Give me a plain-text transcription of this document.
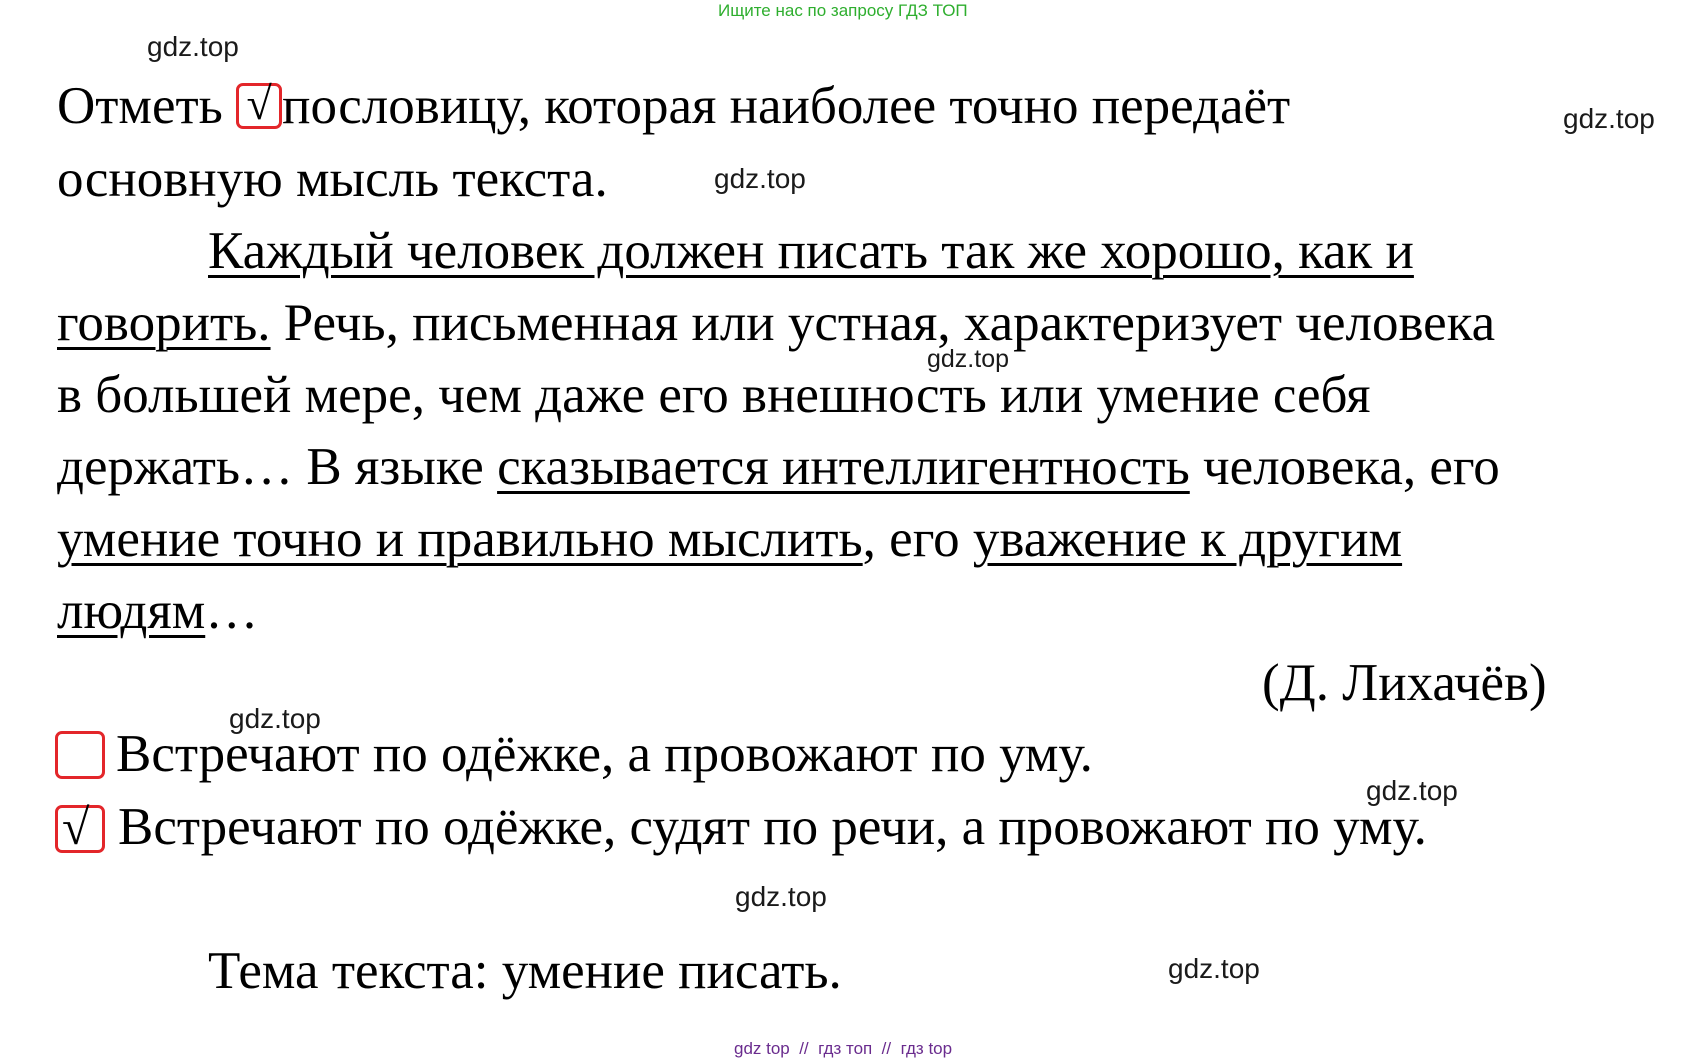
Ищите нас по запросу ГДЗ ТОП
gdz.top
gdz.top
gdz.top
gdz.top
gdz.top
gdz.top
gdz.top
gdz.top
Отметь √ пословицу, которая наиболее точно передаёт
основную мысль текста.
Каждый человек должен писать так же хорошо, как и
говорить. Речь, письменная или устная, характеризует человека
в большей мере, чем даже его внешность или умение себя
держать… В языке сказывается интеллигентность человека, его
умение точно и правильно мыслить, его уважение к другим
людям…
(Д. Лихачёв)
Встречают по одёжке, а провожают по уму.
√ Встречают по одёжке, судят по речи, а провожают по уму.
Тема текста: умение писать.
gdz top  //  гдз топ  //  гдз top
